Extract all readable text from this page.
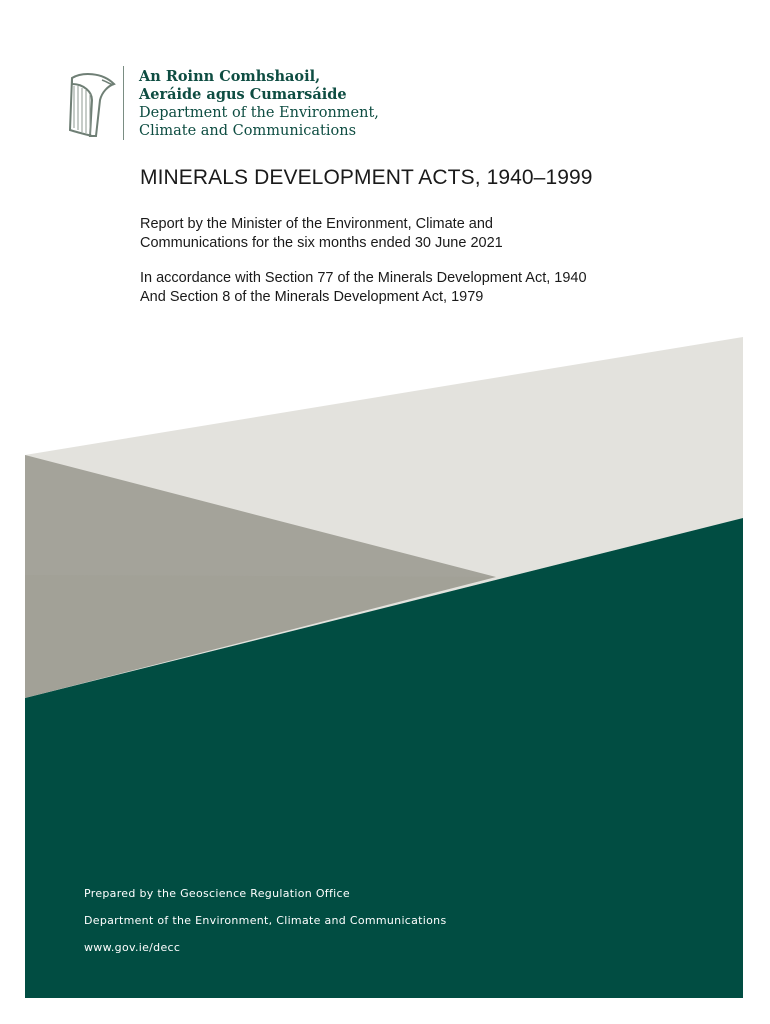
An Roinn Comhshaoil,
Aeráide agus Cumarsáide
Department of the Environment,
Climate and Communications
MINERALS DEVELOPMENT ACTS, 1940–1999
Report by the Minister of the Environment, Climate and
Communications for the six months ended 30 June 2021
In accordance with Section 77 of the Minerals Development Act, 1940
And Section 8 of the Minerals Development Act, 1979
Prepared by the Geoscience Regulation Office
Department of the Environment, Climate and Communications
www.gov.ie/decc
